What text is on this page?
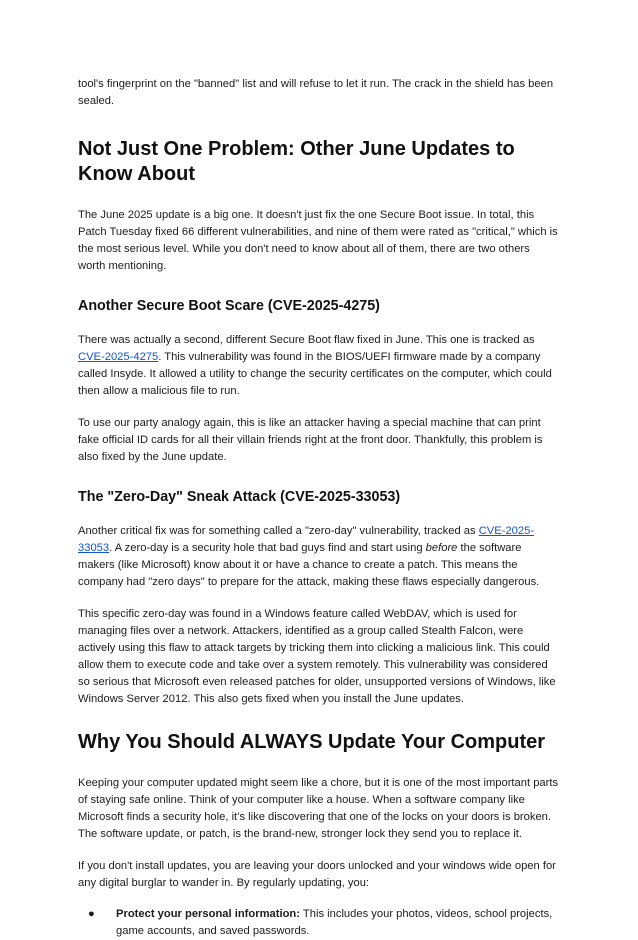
tool's fingerprint on the "banned" list and will refuse to let it run. The crack in the shield has been sealed.

Not Just One Problem: Other June Updates to Know About

The June 2025 update is a big one. It doesn't just fix the one Secure Boot issue. In total, this Patch Tuesday fixed 66 different vulnerabilities, and nine of them were rated as "critical," which is the most serious level. While you don't need to know about all of them, there are two others worth mentioning.

Another Secure Boot Scare (CVE-2025-4275)

There was actually a second, different Secure Boot flaw fixed in June. This one is tracked as CVE-2025-4275. This vulnerability was found in the BIOS/UEFI firmware made by a company called Insyde. It allowed a utility to change the security certificates on the computer, which could then allow a malicious file to run.

To use our party analogy again, this is like an attacker having a special machine that can print fake official ID cards for all their villain friends right at the front door. Thankfully, this problem is also fixed by the June update.

The "Zero-Day" Sneak Attack (CVE-2025-33053)

Another critical fix was for something called a "zero-day" vulnerability, tracked as CVE-2025-33053. A zero-day is a security hole that bad guys find and start using before the software makers (like Microsoft) know about it or have a chance to create a patch. This means the company had "zero days" to prepare for the attack, making these flaws especially dangerous.

This specific zero-day was found in a Windows feature called WebDAV, which is used for managing files over a network. Attackers, identified as a group called Stealth Falcon, were actively using this flaw to attack targets by tricking them into clicking a malicious link. This could allow them to execute code and take over a system remotely. This vulnerability was considered so serious that Microsoft even released patches for older, unsupported versions of Windows, like Windows Server 2012. This also gets fixed when you install the June updates.

Why You Should ALWAYS Update Your Computer

Keeping your computer updated might seem like a chore, but it is one of the most important parts of staying safe online. Think of your computer like a house. When a software company like Microsoft finds a security hole, it’s like discovering that one of the locks on your doors is broken. The software update, or patch, is the brand-new, stronger lock they send you to replace it.

If you don't install updates, you are leaving your doors unlocked and your windows wide open for any digital burglar to wander in. By regularly updating, you:

● Protect your personal information: This includes your photos, videos, school projects, game accounts, and saved passwords.
